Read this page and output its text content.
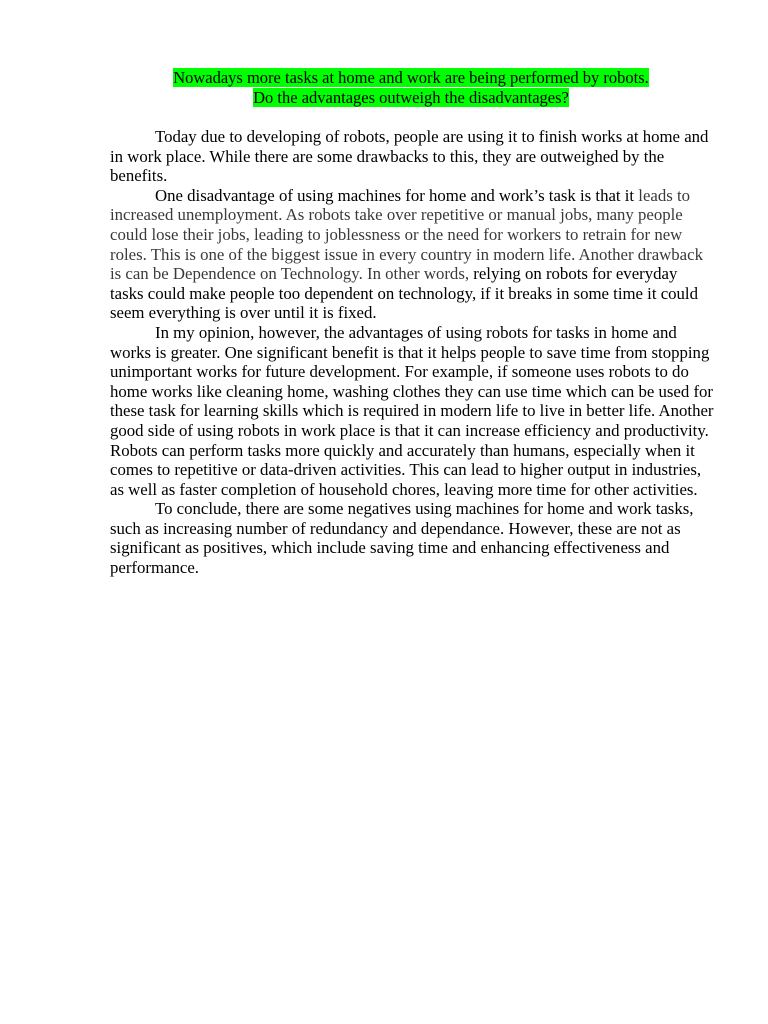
Nowadays more tasks at home and work are being performed by robots.
Do the advantages outweigh the disadvantages?

Today due to developing of robots, people are using it to finish works at home and in work place. While there are some drawbacks to this, they are outweighed by the benefits.

One disadvantage of using machines for home and work’s task is that it leads to increased unemployment. As robots take over repetitive or manual jobs, many people could lose their jobs, leading to joblessness or the need for workers to retrain for new roles. This is one of the biggest issue in every country in modern life. Another drawback is can be Dependence on Technology. In other words, relying on robots for everyday tasks could make people too dependent on technology, if it breaks in some time it could seem everything is over until it is fixed.

In my opinion, however, the advantages of using robots for tasks in home and works is greater. One significant benefit is that it helps people to save time from stopping unimportant works for future development. For example, if someone uses robots to do home works like cleaning home, washing clothes they can use time which can be used for these task for learning skills which is required in modern life to live in better life. Another good side of using robots in work place is that it can increase efficiency and productivity. Robots can perform tasks more quickly and accurately than humans, especially when it comes to repetitive or data-driven activities. This can lead to higher output in industries, as well as faster completion of household chores, leaving more time for other activities.

To conclude, there are some negatives using machines for home and work tasks, such as increasing number of redundancy and dependance. However, these are not as significant as positives, which include saving time and enhancing effectiveness and performance.
